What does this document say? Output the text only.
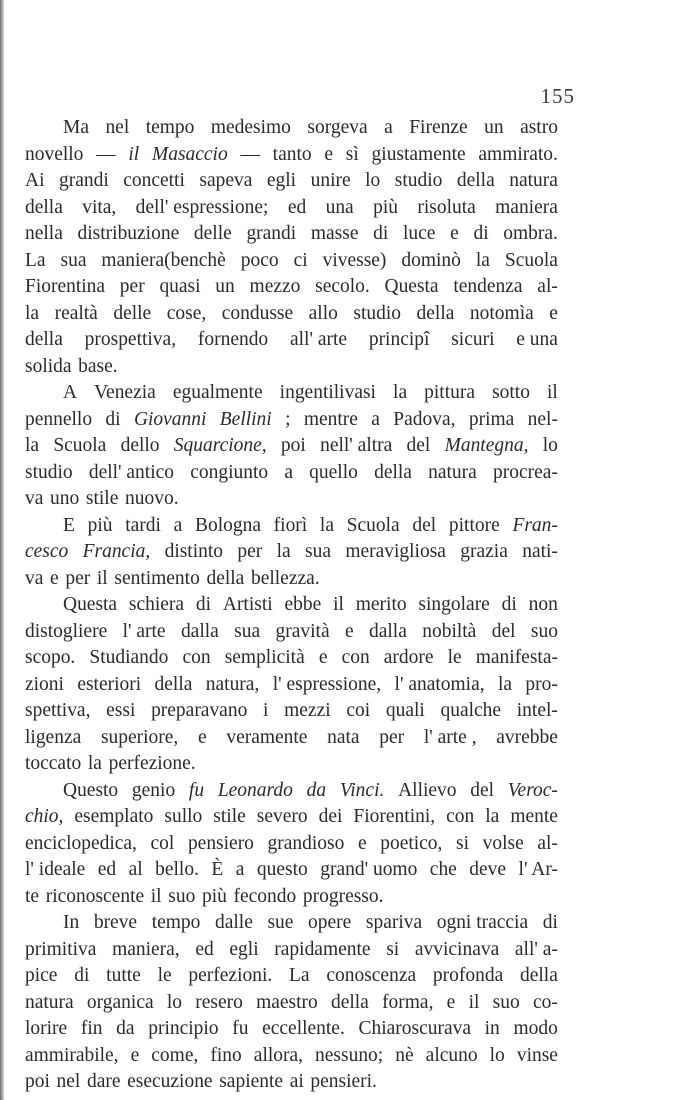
155
Ma nel tempo medesimo sorgeva a Firenze un astro
novello — il Masaccio — tanto e sì giustamente ammirato.
Ai grandi concetti sapeva egli unire lo studio della natura
della vita, dell' espressione; ed una più risoluta maniera
nella distribuzione delle grandi masse di luce e di ombra.
La sua maniera(benchè poco ci vivesse) dominò la Scuola
Fiorentina per quasi un mezzo secolo. Questa tendenza al-
la realtà delle cose, condusse allo studio della notomìa e
della prospettiva, fornendo all' arte principî sicuri e una
solida base.
A Venezia egualmente ingentilivasi la pittura sotto il
pennello di Giovanni Bellini ; mentre a Padova, prima nel-
la Scuola dello Squarcione, poi nell' altra del Mantegna, lo
studio dell' antico congiunto a quello della natura procrea-
va uno stile nuovo.
E più tardi a Bologna fiorì la Scuola del pittore Fran-
cesco Francia, distinto per la sua meravigliosa grazia nati-
va e per il sentimento della bellezza.
Questa schiera di Artisti ebbe il merito singolare di non
distogliere l' arte dalla sua gravità e dalla nobiltà del suo
scopo. Studiando con semplicità e con ardore le manifesta-
zioni esteriori della natura, l' espressione, l' anatomia, la pro-
spettiva, essi preparavano i mezzi coi quali qualche intel-
ligenza superiore, e veramente nata per l' arte , avrebbe
toccato la perfezione.
Questo genio fu Leonardo da Vinci. Allievo del Veroc-
chio, esemplato sullo stile severo dei Fiorentini, con la mente
enciclopedica, col pensiero grandioso e poetico, si volse al-
l' ideale ed al bello. È a questo grand' uomo che deve l' Ar-
te riconoscente il suo più fecondo progresso.
In breve tempo dalle sue opere spariva ogni traccia di
primitiva maniera, ed egli rapidamente si avvicinava all' a-
pice di tutte le perfezioni. La conoscenza profonda della
natura organica lo resero maestro della forma, e il suo co-
lorire fin da principio fu eccellente. Chiaroscurava in modo
ammirabile, e come, fino allora, nessuno; nè alcuno lo vinse
poi nel dare esecuzione sapiente ai pensieri.
